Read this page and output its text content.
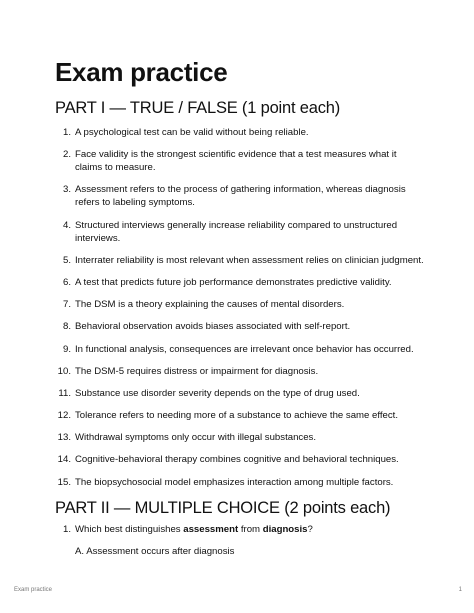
Exam practice
PART I — TRUE / FALSE (1 point each)
1. A psychological test can be valid without being reliable.
2. Face validity is the strongest scientific evidence that a test measures what it claims to measure.
3. Assessment refers to the process of gathering information, whereas diagnosis refers to labeling symptoms.
4. Structured interviews generally increase reliability compared to unstructured interviews.
5. Interrater reliability is most relevant when assessment relies on clinician judgment.
6. A test that predicts future job performance demonstrates predictive validity.
7. The DSM is a theory explaining the causes of mental disorders.
8. Behavioral observation avoids biases associated with self-report.
9. In functional analysis, consequences are irrelevant once behavior has occurred.
10. The DSM-5 requires distress or impairment for diagnosis.
11. Substance use disorder severity depends on the type of drug used.
12. Tolerance refers to needing more of a substance to achieve the same effect.
13. Withdrawal symptoms only occur with illegal substances.
14. Cognitive-behavioral therapy combines cognitive and behavioral techniques.
15. The biopsychosocial model emphasizes interaction among multiple factors.
PART II — MULTIPLE CHOICE (2 points each)
1. Which best distinguishes assessment from diagnosis?
A. Assessment occurs after diagnosis
Exam practice	1
